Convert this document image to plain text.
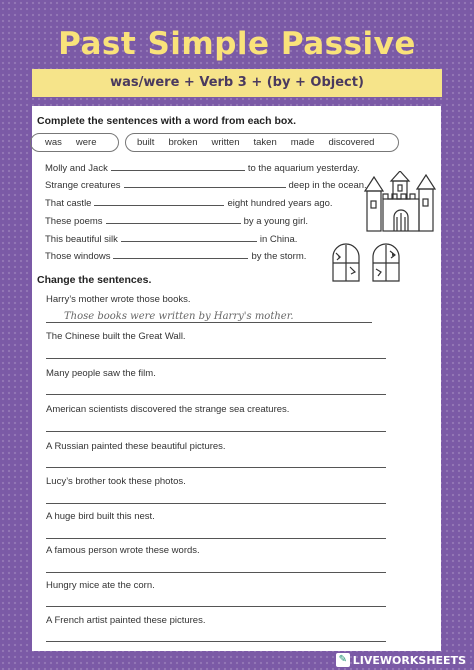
Past Simple Passive
was/were + Verb 3 + (by + Object)
Complete the sentences with a word from each box.
was were	built broken written taken made discovered
Molly and Jack	to the aquarium yesterday.
Strange creatures	deep in the ocean.
That castle	eight hundred years ago.
These poems	by a young girl.
This beautiful silk	in China.
Those windows	by the storm.
Change the sentences.
Harry’s mother wrote those books.
Those books were written by Harry's mother.
The Chinese built the Great Wall.
Many people saw the film.
American scientists discovered the strange sea creatures.
A Russian painted these beautiful pictures.
Lucy’s brother took these photos.
A huge bird built this nest.
A famous person wrote these words.
Hungry mice ate the corn.
A French artist painted these pictures.
✎ LIVEWORKSHEETS
